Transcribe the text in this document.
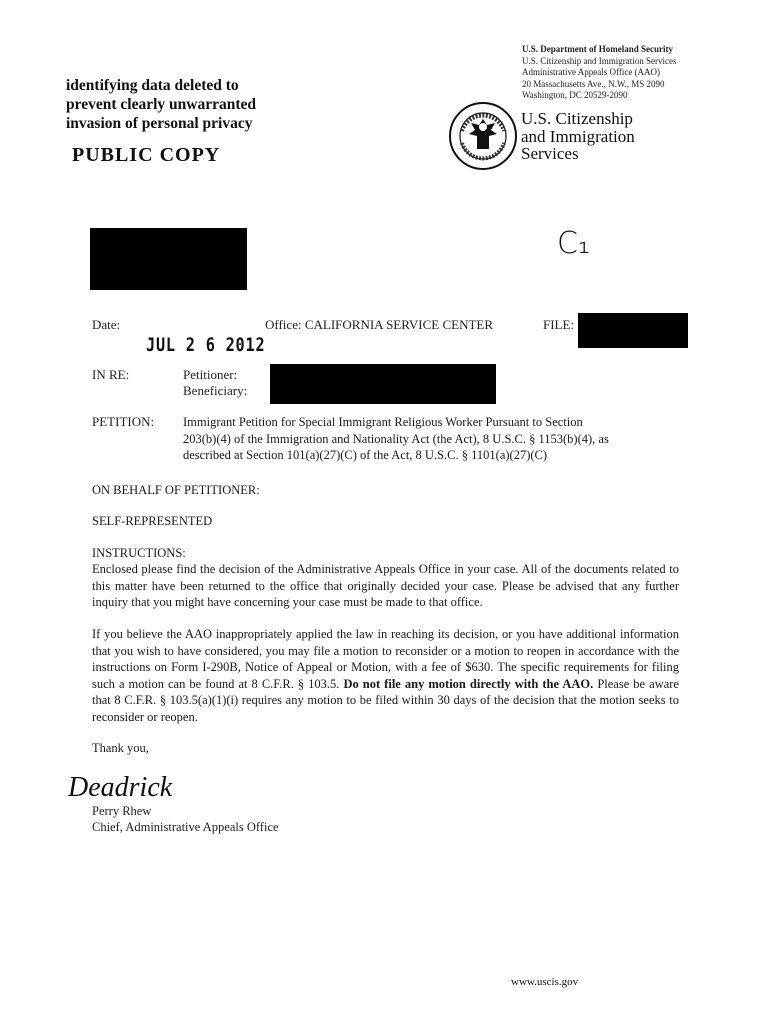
identifying data deleted to
prevent clearly unwarranted
invasion of personal privacy
PUBLIC COPY
U.S. Department of Homeland Security
U.S. Citizenship and Immigration Services
Administrative Appeals Office (AAO)
20 Massachusetts Ave., N.W., MS 2090
Washington, DC 20529-2090
U.S. Citizenship
and Immigration
Services
C₁
Date:	Office: CALIFORNIA SERVICE CENTER	FILE:
JUL 2 6 2012
IN RE:	Petitioner:
Beneficiary:
PETITION: Immigrant Petition for Special Immigrant Religious Worker Pursuant to Section
203(b)(4) of the Immigration and Nationality Act (the Act), 8 U.S.C. § 1153(b)(4), as
described at Section 101(a)(27)(C) of the Act, 8 U.S.C. § 1101(a)(27)(C)
ON BEHALF OF PETITIONER:
SELF-REPRESENTED
INSTRUCTIONS:
Enclosed please find the decision of the Administrative Appeals Office in your case. All of the documents related to this matter have been returned to the office that originally decided your case. Please be advised that any further inquiry that you might have concerning your case must be made to that office.
If you believe the AAO inappropriately applied the law in reaching its decision, or you have additional information that you wish to have considered, you may file a motion to reconsider or a motion to reopen in accordance with the instructions on Form I-290B, Notice of Appeal or Motion, with a fee of $630. The specific requirements for filing such a motion can be found at 8 C.F.R. § 103.5. Do not file any motion directly with the AAO. Please be aware that 8 C.F.R. § 103.5(a)(1)(i) requires any motion to be filed within 30 days of the decision that the motion seeks to reconsider or reopen.
Thank you,
Deadrick
Perry Rhew
Chief, Administrative Appeals Office
www.uscis.gov
